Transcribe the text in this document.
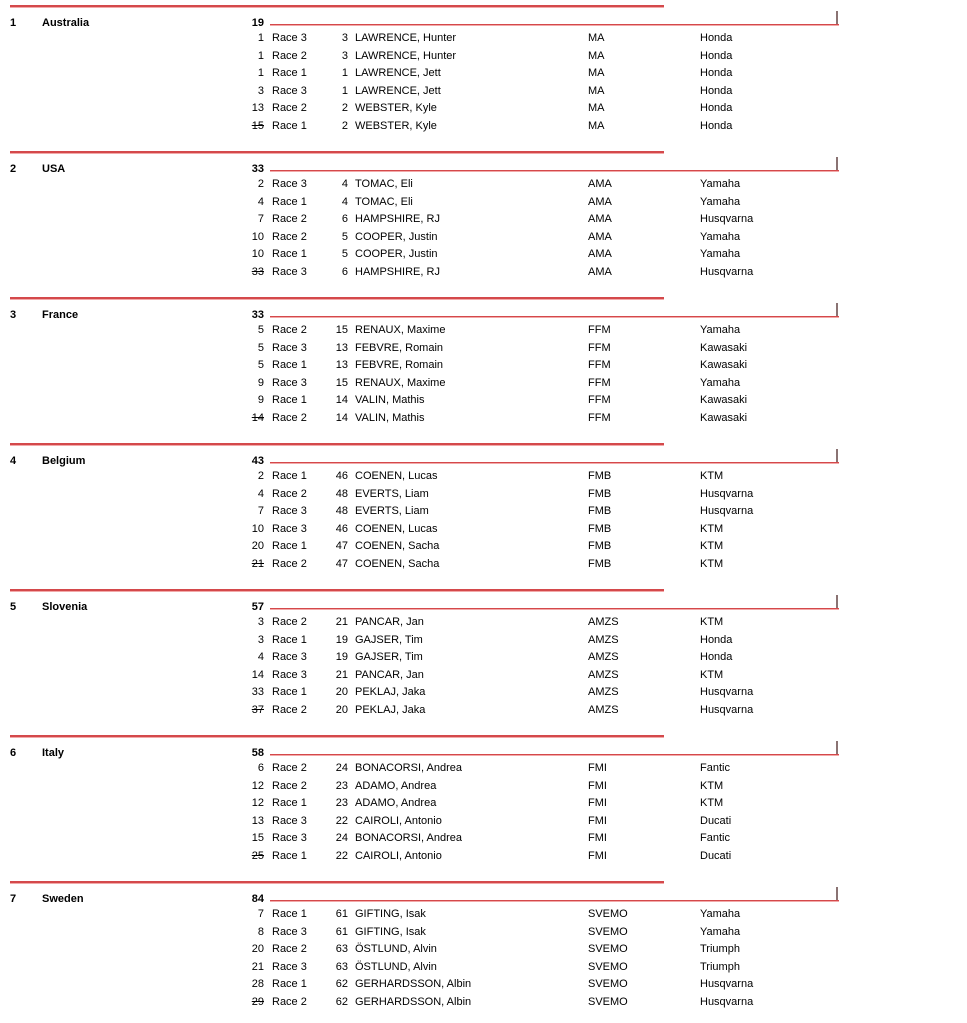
1 Australia	19
1 Race 3	3 LAWRENCE, Hunter	MA	Honda
1 Race 2	3 LAWRENCE, Hunter	MA	Honda
1 Race 1	1 LAWRENCE, Jett	MA	Honda
3 Race 3	1 LAWRENCE, Jett	MA	Honda
13 Race 2	2 WEBSTER, Kyle	MA	Honda
15 Race 1	2 WEBSTER, Kyle	MA	Honda
2 USA	33
2 Race 3	4 TOMAC, Eli	AMA	Yamaha
4 Race 1	4 TOMAC, Eli	AMA	Yamaha
7 Race 2	6 HAMPSHIRE, RJ	AMA	Husqvarna
10 Race 2	5 COOPER, Justin	AMA	Yamaha
10 Race 1	5 COOPER, Justin	AMA	Yamaha
33 Race 3	6 HAMPSHIRE, RJ	AMA	Husqvarna
3 France	33
5 Race 2	15 RENAUX, Maxime	FFM	Yamaha
5 Race 3	13 FEBVRE, Romain	FFM	Kawasaki
5 Race 1	13 FEBVRE, Romain	FFM	Kawasaki
9 Race 3	15 RENAUX, Maxime	FFM	Yamaha
9 Race 1	14 VALIN, Mathis	FFM	Kawasaki
14 Race 2	14 VALIN, Mathis	FFM	Kawasaki
4 Belgium	43
2 Race 1	46 COENEN, Lucas	FMB	KTM
4 Race 2	48 EVERTS, Liam	FMB	Husqvarna
7 Race 3	48 EVERTS, Liam	FMB	Husqvarna
10 Race 3	46 COENEN, Lucas	FMB	KTM
20 Race 1	47 COENEN, Sacha	FMB	KTM
21 Race 2	47 COENEN, Sacha	FMB	KTM
5 Slovenia	57
3 Race 2	21 PANCAR, Jan	AMZS	KTM
3 Race 1	19 GAJSER, Tim	AMZS	Honda
4 Race 3	19 GAJSER, Tim	AMZS	Honda
14 Race 3	21 PANCAR, Jan	AMZS	KTM
33 Race 1	20 PEKLAJ, Jaka	AMZS	Husqvarna
37 Race 2	20 PEKLAJ, Jaka	AMZS	Husqvarna
6 Italy	58
6 Race 2	24 BONACORSI, Andrea	FMI	Fantic
12 Race 2	23 ADAMO, Andrea	FMI	KTM
12 Race 1	23 ADAMO, Andrea	FMI	KTM
13 Race 3	22 CAIROLI, Antonio	FMI	Ducati
15 Race 3	24 BONACORSI, Andrea	FMI	Fantic
25 Race 1	22 CAIROLI, Antonio	FMI	Ducati
7 Sweden	84
7 Race 1	61 GIFTING, Isak	SVEMO	Yamaha
8 Race 3	61 GIFTING, Isak	SVEMO	Yamaha
20 Race 2	63 ÖSTLUND, Alvin	SVEMO	Triumph
21 Race 3	63 ÖSTLUND, Alvin	SVEMO	Triumph
28 Race 1	62 GERHARDSSON, Albin	SVEMO	Husqvarna
29 Race 2	62 GERHARDSSON, Albin	SVEMO	Husqvarna
